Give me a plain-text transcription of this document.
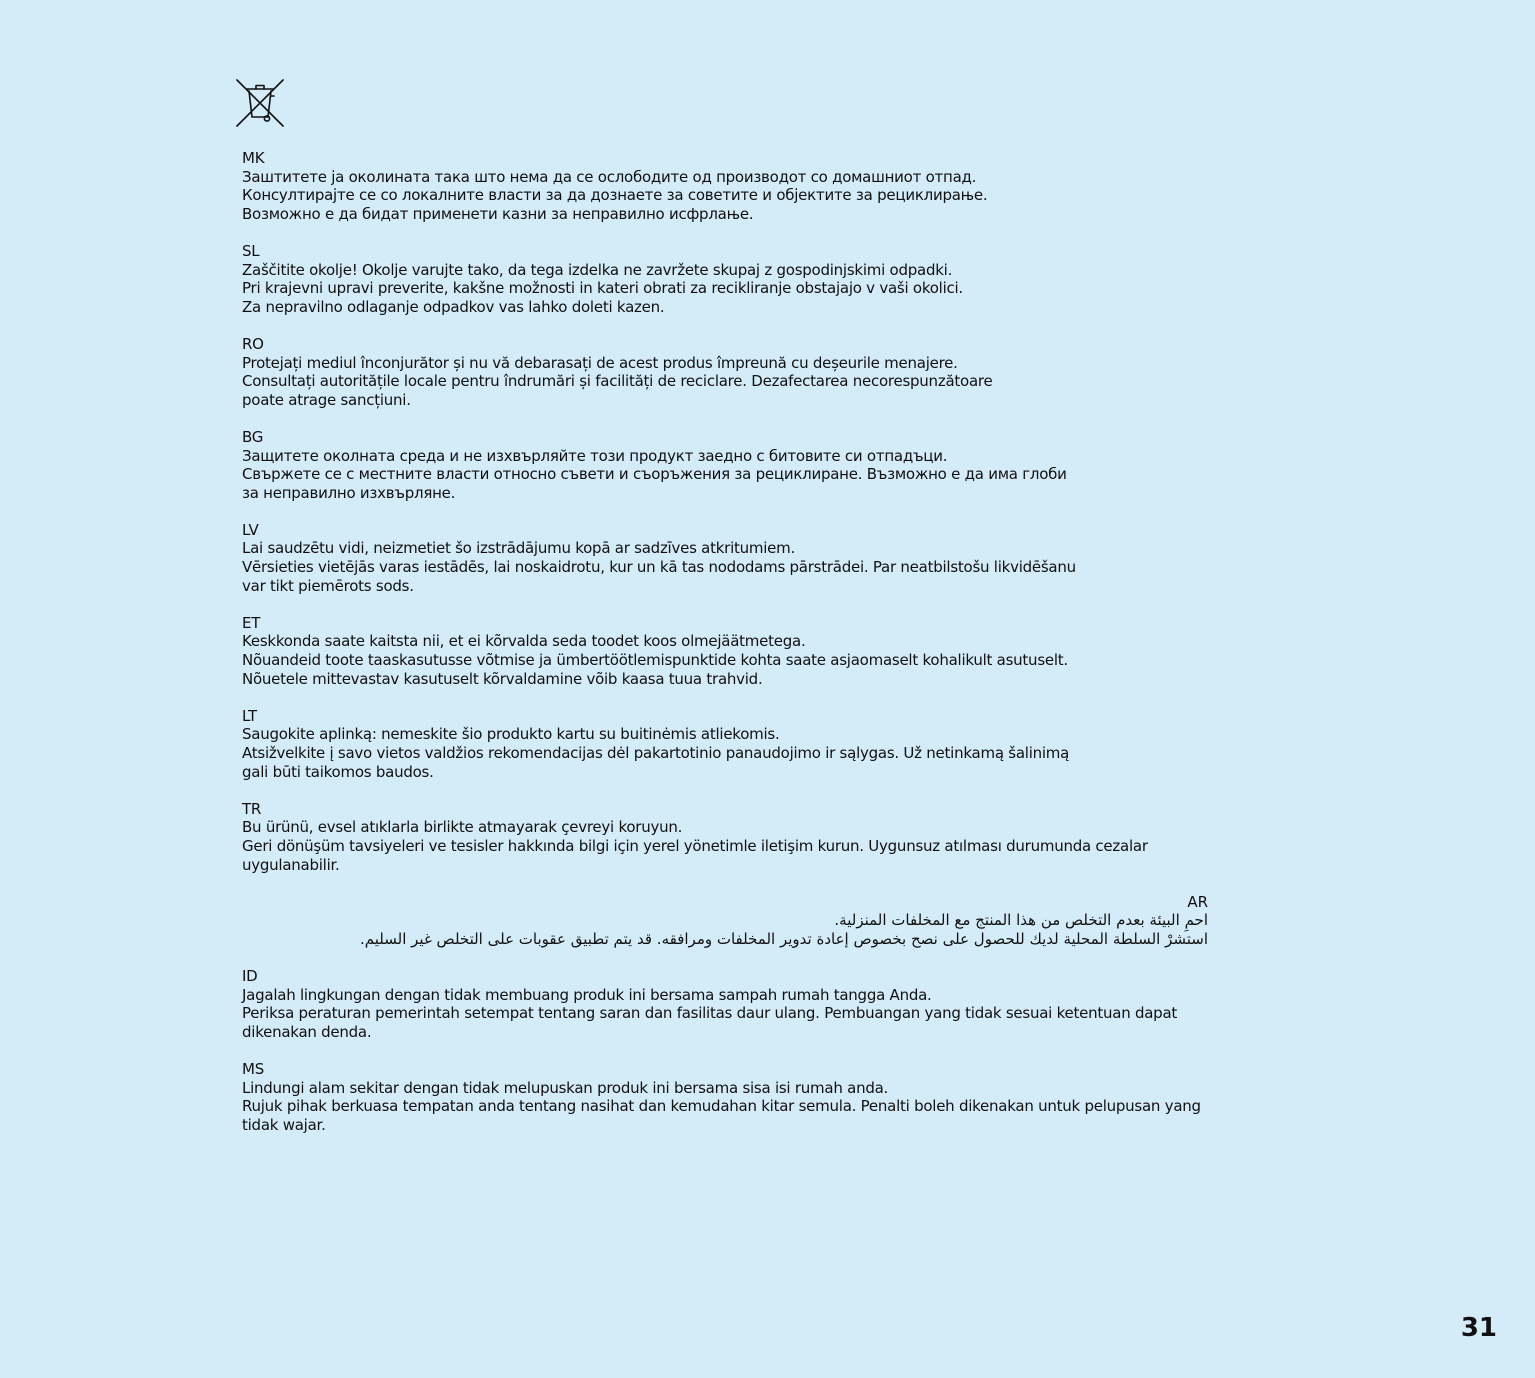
MK
Заштитете ја околината така што нема да се ослободите од производот со домашниот отпад.
Консултирајте се со локалните власти за да дознаете за советите и објектите за рециклирање.
Возможно е да бидат применети казни за неправилно исфрлање.
SL
Zaščitite okolje! Okolje varujte tako, da tega izdelka ne zavržete skupaj z gospodinjskimi odpadki.
Pri krajevni upravi preverite, kakšne možnosti in kateri obrati za recikliranje obstajajo v vaši okolici.
Za nepravilno odlaganje odpadkov vas lahko doleti kazen.
RO
Protejați mediul înconjurător și nu vă debarasați de acest produs împreună cu deșeurile menajere.
Consultați autoritățile locale pentru îndrumări și facilități de reciclare. Dezafectarea necorespunzătoare
poate atrage sancțiuni.
BG
Защитете околната среда и не изхвърляйте този продукт заедно с битовите си отпадъци.
Свържете се с местните власти относно съвети и съоръжения за рециклиране. Възможно е да има глоби
за неправилно изхвърляне.
LV
Lai saudzētu vidi, neizmetiet šo izstrādājumu kopā ar sadzīves atkritumiem.
Vērsieties vietējās varas iestādēs, lai noskaidrotu, kur un kā tas nododams pārstrādei. Par neatbilstošu likvidēšanu
var tikt piemērots sods.
ET
Keskkonda saate kaitsta nii, et ei kõrvalda seda toodet koos olmejäätmetega.
Nõuandeid toote taaskasutusse võtmise ja ümbertöötlemispunktide kohta saate asjaomaselt kohalikult asutuselt.
Nõuetele mittevastav kasutuselt kõrvaldamine võib kaasa tuua trahvid.
LT
Saugokite aplinką: nemeskite šio produkto kartu su buitinėmis atliekomis.
Atsižvelkite į savo vietos valdžios rekomendacijas dėl pakartotinio panaudojimo ir sąlygas. Už netinkamą šalinimą
gali būti taikomos baudos.
TR
Bu ürünü, evsel atıklarla birlikte atmayarak çevreyi koruyun.
Geri dönüşüm tavsiyeleri ve tesisler hakkında bilgi için yerel yönetimle iletişim kurun. Uygunsuz atılması durumunda cezalar
uygulanabilir.
AR
احمِ البيئة بعدم التخلص من هذا المنتج مع المخلفات المنزلية.
استشرْ السلطة المحلية لديك للحصول على نصح بخصوص إعادة تدوير المخلفات ومرافقه. قد يتم تطبيق عقوبات على التخلص غير السليم.
ID
Jagalah lingkungan dengan tidak membuang produk ini bersama sampah rumah tangga Anda.
Periksa peraturan pemerintah setempat tentang saran dan fasilitas daur ulang. Pembuangan yang tidak sesuai ketentuan dapat
dikenakan denda.
MS
Lindungi alam sekitar dengan tidak melupuskan produk ini bersama sisa isi rumah anda.
Rujuk pihak berkuasa tempatan anda tentang nasihat dan kemudahan kitar semula. Penalti boleh dikenakan untuk pelupusan yang
tidak wajar.
31
